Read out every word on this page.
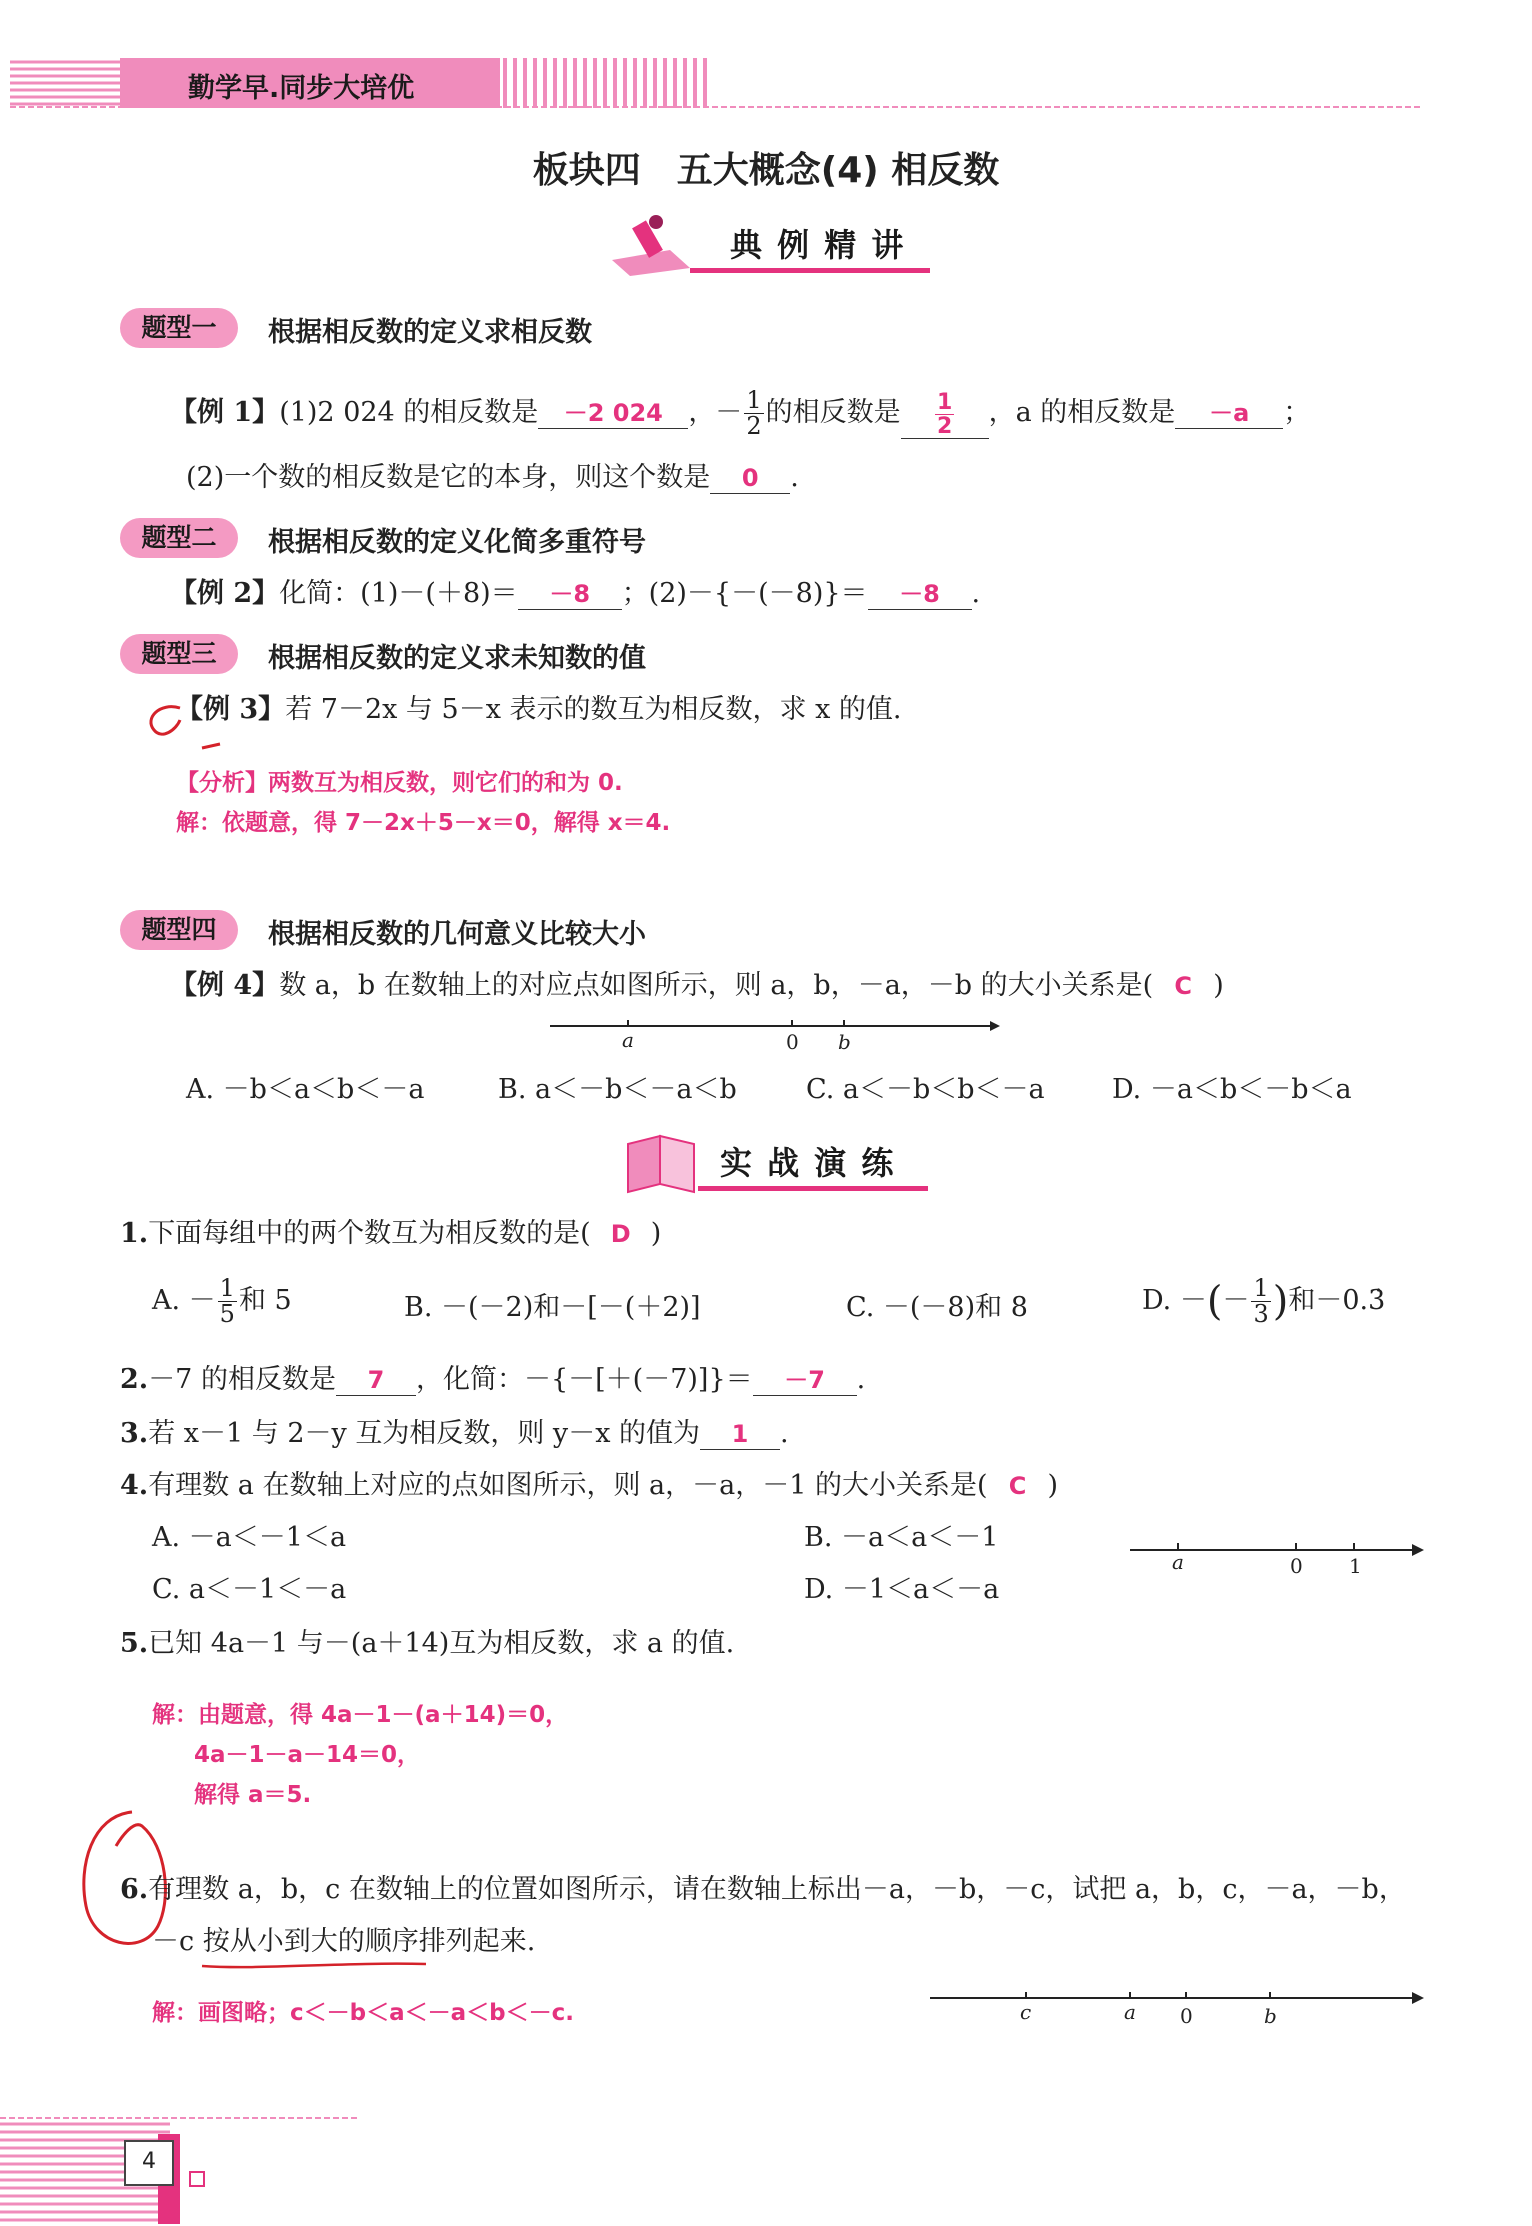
勤学早.同步大培优
板块四　五大概念(4) 相反数
典 例 精 讲
题型一	根据相反数的定义求相反数
【例 1】(1)2 024 的相反数是 －2 024 ，－ $\frac{1}{2}$ 的相反数是 $\frac{1}{2}$ ，a 的相反数是 －a ；
(2)一个数的相反数是它的本身，则这个数是 0 .
题型二	根据相反数的定义化简多重符号
【例 2】化简：(1)－(＋8)＝ －8 ；(2)－{－(－8)}＝ －8 .
题型三	根据相反数的定义求未知数的值
【例 3】若 7－2x 与 5－x 表示的数互为相反数，求 x 的值.
【分析】两数互为相反数，则它们的和为 0.
解：依题意，得 7－2x＋5－x＝0，解得 x＝4.
题型四	根据相反数的几何意义比较大小
【例 4】数 a，b 在数轴上的对应点如图所示，则 a，b，－a，－b 的大小关系是( C )
a	0 b
A. －b＜a＜b＜－a	B. a＜－b＜－a＜b	C. a＜－b＜b＜－a D. －a＜b＜－b＜a
实 战 演 练
1.下面每组中的两个数互为相反数的是( D )
A. － $\frac{1}{5}$ 和 5	B. －(－2)和－[－(＋2)]	C. －(－8)和 8	D. －(－ $\frac{1}{3}$ )和－0.3̇
2.－7 的相反数是 7 ，化简：－{－[＋(－7)]}＝ －7 .
3.若 x－1 与 2－y 互为相反数，则 y－x 的值为 1 .
4.有理数 a 在数轴上对应的点如图所示，则 a，－a，－1 的大小关系是( C )
A. －a＜－1＜a	B. －a＜a＜－1
C. a＜－1＜－a	D. －1＜a＜－a
a	0 1
5.已知 4a－1 与－(a＋14)互为相反数，求 a 的值.
解：由题意，得 4a－1－(a＋14)＝0，
4a－1－a－14＝0，
解得 a＝5.
6.有理数 a，b，c 在数轴上的位置如图所示，请在数轴上标出－a，－b，－c，试把 a，b，c，－a，－b，
－c 按从小到大的顺序排列起来.
解：画图略；c＜－b＜a＜－a＜b＜－c.	c	a 0	b
4
